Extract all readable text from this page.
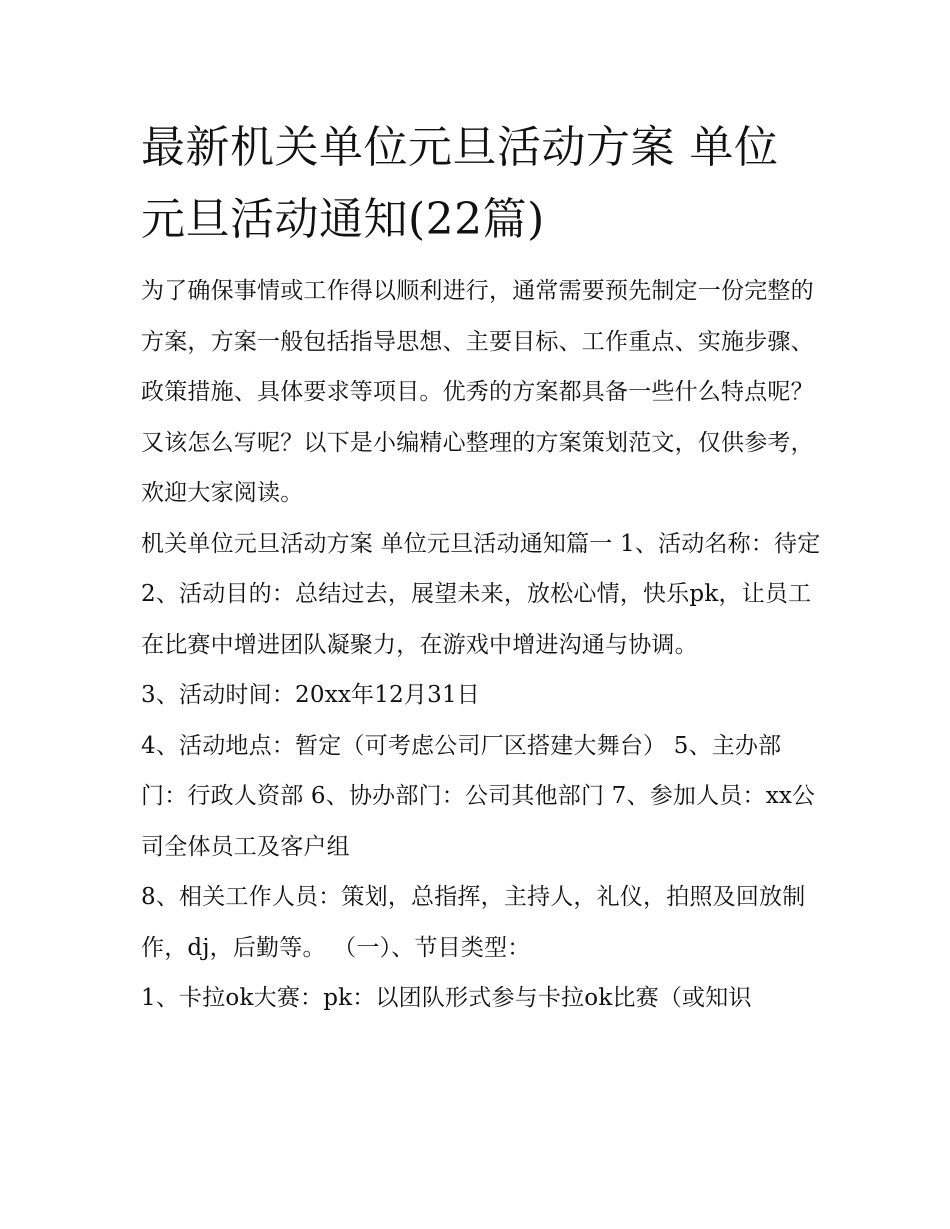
最新机关单位元旦活动方案 单位元旦活动通知(22篇)

为了确保事情或工作得以顺利进行，通常需要预先制定一份完整的方案，方案一般包括指导思想、主要目标、工作重点、实施步骤、政策措施、具体要求等项目。优秀的方案都具备一些什么特点呢？又该怎么写呢？以下是小编精心整理的方案策划范文，仅供参考，欢迎大家阅读。

机关单位元旦活动方案 单位元旦活动通知篇一 1、活动名称：待定

2、活动目的：总结过去，展望未来，放松心情，快乐pk，让员工在比赛中增进团队凝聚力，在游戏中增进沟通与协调。

3、活动时间：20xx年12月31日

4、活动地点：暂定（可考虑公司厂区搭建大舞台） 5、主办部门：行政人资部 6、协办部门：公司其他部门 7、参加人员：xx公司全体员工及客户组

8、相关工作人员：策划，总指挥，主持人，礼仪，拍照及回放制作，dj，后勤等。 （一）、节目类型：

1、卡拉ok大赛：pk：以团队形式参与卡拉ok比赛（或知识
